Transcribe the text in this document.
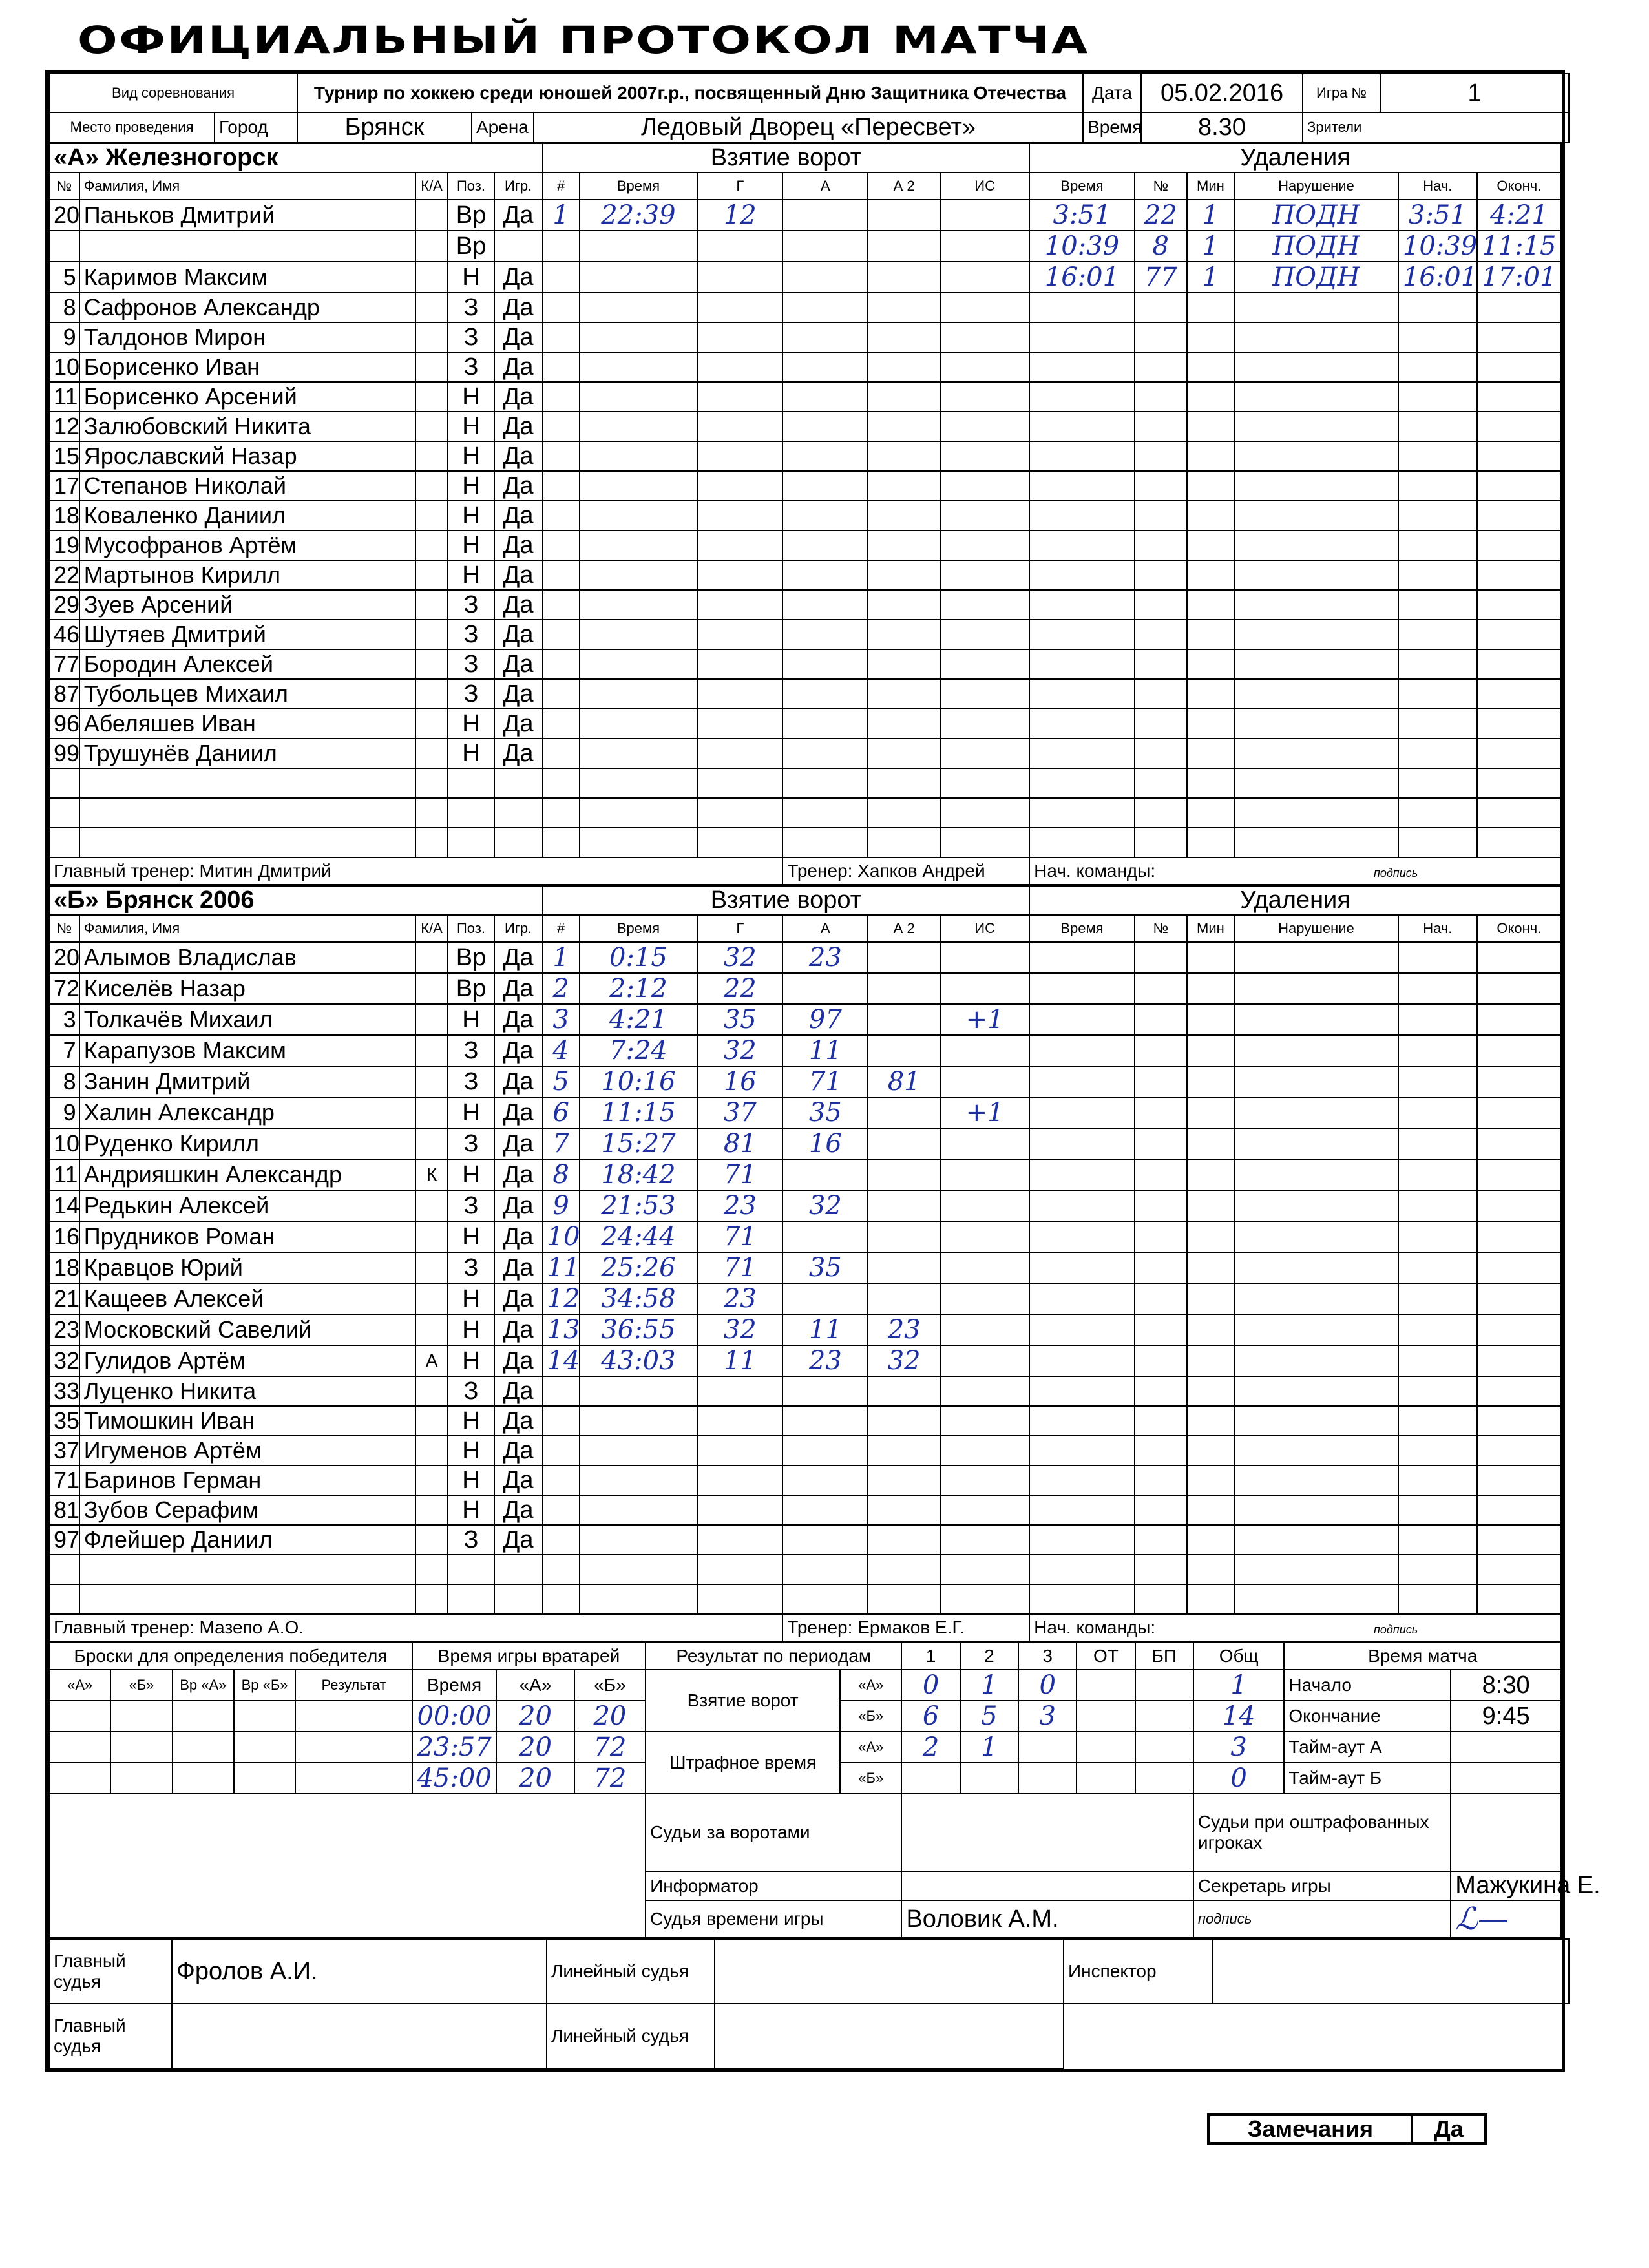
ОФИЦИАЛЬНЫЙ ПРОТОКОЛ МАТЧА
Вид соревнования		Турнир по хоккею среди юношей 2007г.р., посвященный Дню Защитника Отечества			Дата	05.02.2016	Игра №	1
Место проведения	Город	Брянск	Арена	Ледовый Дворец «Пересвет»	Время	8.30	Зрители	
«А» Железногорск					Взятие ворот						Удаления					
№	Фамилия, Имя	К/А	Поз.	Игр.	#	Время	Г	А	А 2	ИС	Время	№	Мин	Нарушение	Нач.	Оконч.
20	Паньков Дмитрий		Вр	Да	1	22:39	12				3:51	22	1	ПОДН	3:51	4:21
			Вр								10:39	8	1	ПОДН	10:39	11:15
5	Каримов Максим		Н	Да							16:01	77	1	ПОДН	16:01	17:01
8	Сафронов Александр		З	Да												
9	Талдонов Мирон		З	Да												
10	Борисенко Иван		З	Да												
11	Борисенко Арсений		Н	Да												
12	Залюбовский Никита		Н	Да												
15	Ярославский Назар		Н	Да												
17	Степанов Николай		Н	Да												
18	Коваленко Даниил		Н	Да												
19	Мусофранов Артём		Н	Да												
22	Мартынов Кирилл		Н	Да												
29	Зуев Арсений		З	Да												
46	Шутяев Дмитрий		З	Да												
77	Бородин Алексей		З	Да												
87	Тубольцев Михаил		З	Да												
96	Абеляшев Иван		Н	Да												
99	Трушунёв Даниил		Н	Да												

Главный тренер: Митин Дмитрий								Тренер: Хапков Андрей			Нач. команды: подпись					
«Б» Брянск 2006					Взятие ворот						Удаления					
№	Фамилия, Имя	К/А	Поз.	Игр.	#	Время	Г	А	А 2	ИС	Время	№	Мин	Нарушение	Нач.	Оконч.
20	Алымов Владислав		Вр	Да	1	0:15	32	23								
72	Киселёв Назар		Вр	Да	2	2:12	22									
3	Толкачёв Михаил		Н	Да	3	4:21	35	97		+1						
7	Карапузов Максим		З	Да	4	7:24	32	11								
8	Занин Дмитрий		З	Да	5	10:16	16	71	81							
9	Халин Александр		Н	Да	6	11:15	37	35		+1						
10	Руденко Кирилл		З	Да	7	15:27	81	16								
11	Андрияшкин Александр	К	Н	Да	8	18:42	71									
14	Редькин Алексей		З	Да	9	21:53	23	32								
16	Прудников Роман		Н	Да	10	24:44	71									
18	Кравцов Юрий		З	Да	11	25:26	71	35								
21	Кащеев Алексей		Н	Да	12	34:58	23									
23	Московский Савелий		Н	Да	13	36:55	32	11	23							
32	Гулидов Артём	А	Н	Да	14	43:03	11	23	32							
33	Луценко Никита		З	Да												
35	Тимошкин Иван		Н	Да												
37	Игуменов Артём		Н	Да												
71	Баринов Герман		Н	Да												
81	Зубов Серафим		Н	Да												
97	Флейшер Даниил		З	Да												

Главный тренер: Мазепо А.О.								Тренер: Ермаков Е.Г.			Нач. команды: подпись					
Броски для определения победителя					Время игры вратарей			Результат по периодам		1	2	3	ОТ	БП	Общ	Время матча	
«А»	«Б»	Вр «А»	Вр «Б»	Результат	Время	«А»	«Б»	Взятие ворот	«А»	0	1	0			1	Начало	8:30
					00:00	20	20		«Б»	6	5	3			14	Окончание	9:45
					23:57	20	72	Штрафное время	«А»	2	1				3	Тайм-аут А	
					45:00	20	72		«Б»						0	Тайм-аут Б	
								Судьи за воротами							Судьи при оштрафованных игроках		
								Информатор							Секретарь игры		Мажукина Е.
								Судья времени игры		Воловик А.М.					подпись		ℒ—
Главный судья	Фролов А.И.	Линейный судья		Инспектор	
Главный судья		Линейный судья			
Замечания	Да
